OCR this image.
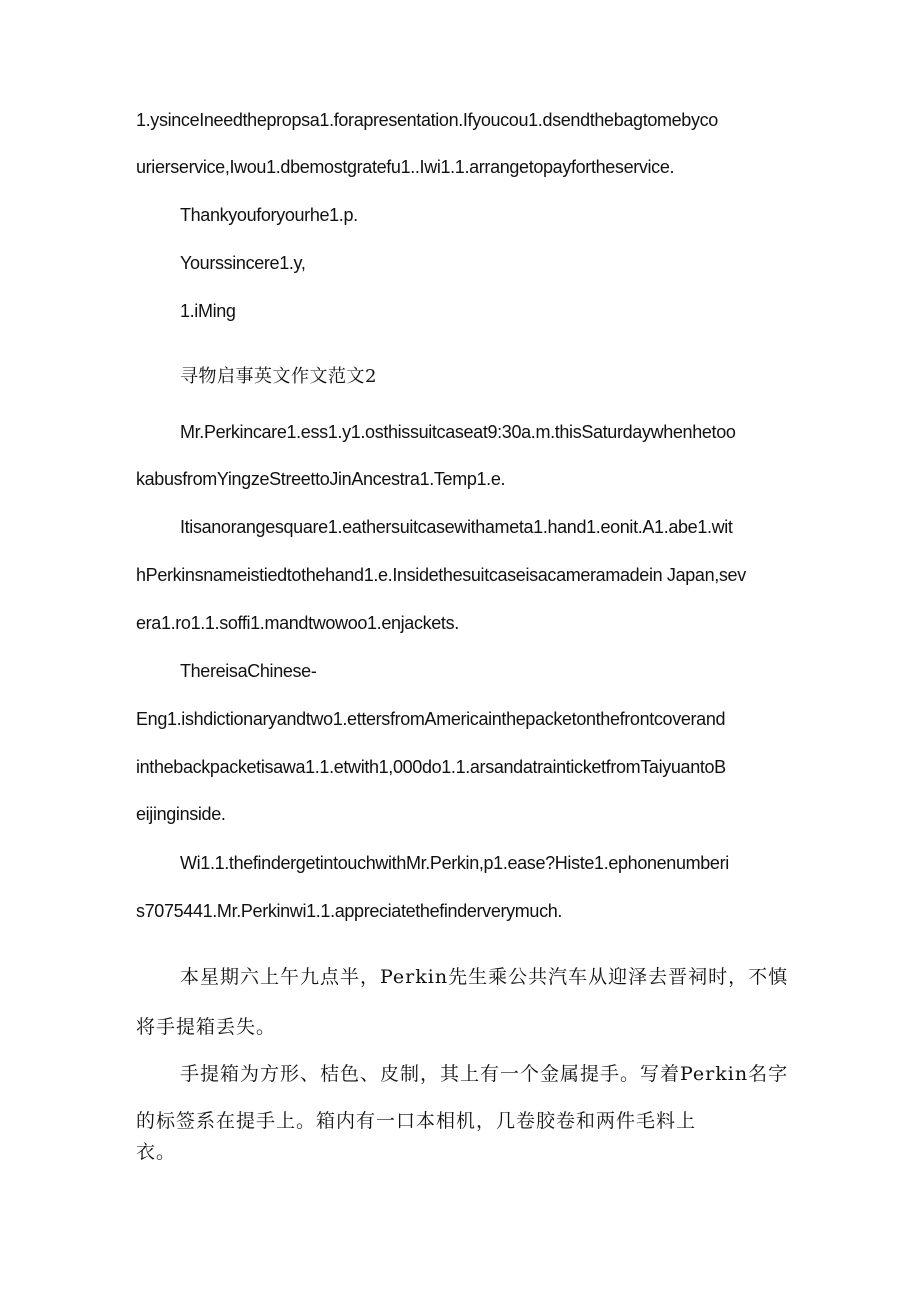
1.ysinceIneedthepropsa1.forapresentation.Ifyoucou1.dsendthebagtomebyco
urierservice,Iwou1.dbemostgratefu1..Iwi1.1.arrangetopayfortheservice.
Thankyouforyourhe1.p.
Yourssincere1.y,
1.iMing
寻物启事英文作文范文2
Mr.Perkincare1.ess1.y1.osthissuitcaseat9:30a.m.thisSaturdaywhenhetoo
kabusfromYingzeStreettoJinAncestra1.Temp1.e.
Itisanorangesquare1.eathersuitcasewithameta1.hand1.eonit.A1.abe1.wit
hPerkinsnameistiedtothehand1.e.Insidethesuitcaseisacameramadein Japan,sev
era1.ro1.1.soffi1.mandtwowoo1.enjackets.
ThereisaChinese-
Eng1.ishdictionaryandtwo1.ettersfromAmericainthepacketonthefrontcoverand
inthebackpacketisawa1.1.etwith1,000do1.1.arsandatrainticketfromTaiyuantoB
eijinginside.
Wi1.1.thefindergetintouchwithMr.Perkin,p1.ease?Histe1.ephonenumberi
s7075441.Mr.Perkinwi1.1.appreciatethefinderverymuch.
本星期六上午九点半，Perkin先生乘公共汽车从迎泽去晋祠时，不慎
将手提箱丢失。
手提箱为方形、桔色、皮制，其上有一个金属提手。写着Perkin名字
的标签系在提手上。箱内有一口本相机，几卷胶卷和两件毛料上
衣。
